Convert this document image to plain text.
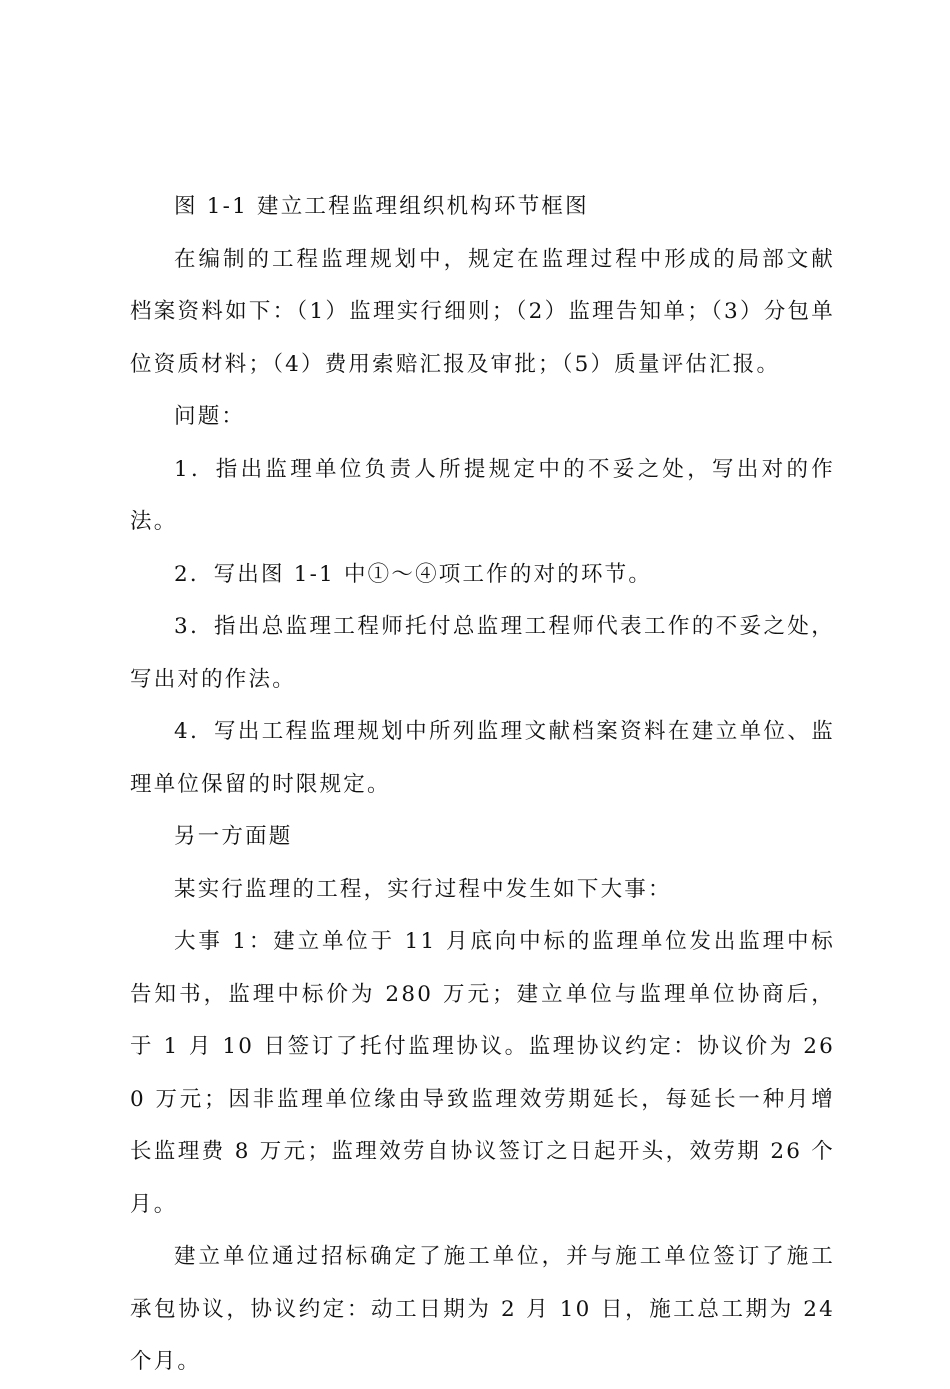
图 1-1 建立工程监理组织机构环节框图

在编制的工程监理规划中，规定在监理过程中形成的局部文献档案资料如下：（1）监理实行细则；（2）监理告知单；（3）分包单位资质材料；（4）费用索赔汇报及审批；（5）质量评估汇报。

问题：

1．指出监理单位负责人所提规定中的不妥之处，写出对的作法。

2．写出图 1-1 中①～④项工作的对的环节。

3．指出总监理工程师托付总监理工程师代表工作的不妥之处，写出对的作法。

4．写出工程监理规划中所列监理文献档案资料在建立单位、监理单位保留的时限规定。

另一方面题

某实行监理的工程，实行过程中发生如下大事：

大事 1：建立单位于 11 月底向中标的监理单位发出监理中标告知书，监理中标价为 280 万元；建立单位与监理单位协商后，于 1 月 10 日签订了托付监理协议。监理协议约定：协议价为 260 万元；因非监理单位缘由导致监理效劳期延长，每延长一种月增长监理费 8 万元；监理效劳自协议签订之日起开头，效劳期 26 个月。

建立单位通过招标确定了施工单位，并与施工单位签订了施工承包协议，协议约定：动工日期为 2 月 10 日，施工总工期为 24 个月。
